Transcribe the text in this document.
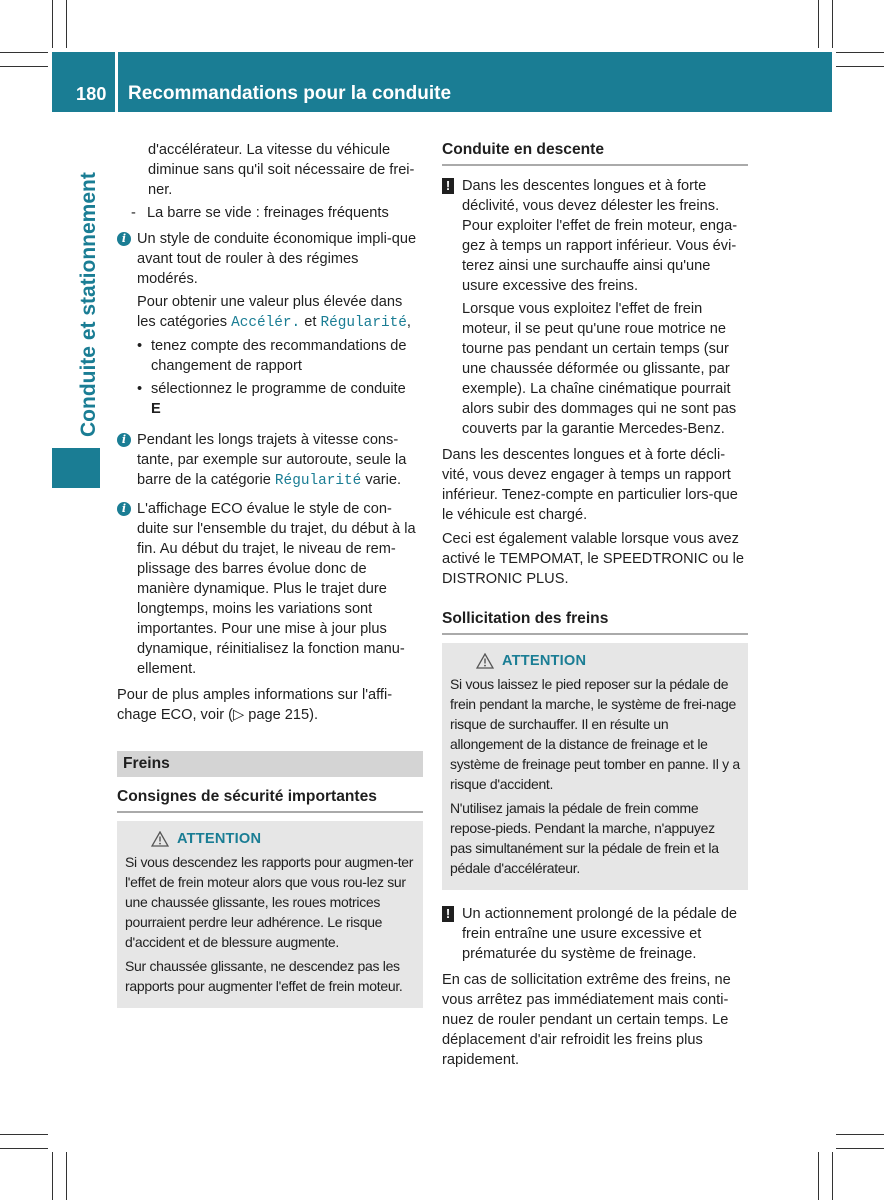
180 Recommandations pour la conduite
Conduite et stationnement

d'accélérateur. La vitesse du véhicule diminue sans qu'il soit nécessaire de frei-ner.

- La barre se vide : freinages fréquents
i Un style de conduite économique impli-que avant tout de rouler à des régimes modérés.

Pour obtenir une valeur plus élevée dans les catégories Accélér. et Régularité,

• tenez compte des recommandations de changement de rapport
• sélectionnez le programme de conduite
E
i Pendant les longs trajets à vitesse cons-tante, par exemple sur autoroute, seule la barre de la catégorie Régularité varie.

i L'affichage ECO évalue le style de con-duite sur l'ensemble du trajet, du début à la fin. Au début du trajet, le niveau de rem-plissage des barres évolue donc de manière dynamique. Plus le trajet dure longtemps, moins les variations sont importantes. Pour une mise à jour plus dynamique, réinitialisez la fonction manu-ellement.

Pour de plus amples informations sur l'affi-chage ECO, voir (▷ page 215).

Freins
Consignes de sécurité importantes
ATTENTION

Si vous descendez les rapports pour augmen-ter l'effet de frein moteur alors que vous rou-lez sur une chaussée glissante, les roues motrices pourraient perdre leur adhérence. Le risque d'accident et de blessure augmente.

Sur chaussée glissante, ne descendez pas les rapports pour augmenter l'effet de frein moteur.

Conduite en descente
! Dans les descentes longues et à forte déclivité, vous devez délester les freins. Pour exploiter l'effet de frein moteur, enga-gez à temps un rapport inférieur. Vous évi-terez ainsi une surchauffe ainsi qu'une usure excessive des freins.

Lorsque vous exploitez l'effet de frein moteur, il se peut qu'une roue motrice ne tourne pas pendant un certain temps (sur une chaussée déformée ou glissante, par exemple). La chaîne cinématique pourrait alors subir des dommages qui ne sont pas couverts par la garantie Mercedes-Benz.

Dans les descentes longues et à forte décli-vité, vous devez engager à temps un rapport inférieur. Tenez-compte en particulier lors-que le véhicule est chargé.

Ceci est également valable lorsque vous avez activé le TEMPOMAT, le SPEEDTRONIC ou le DISTRONIC PLUS.

Sollicitation des freins
ATTENTION

Si vous laissez le pied reposer sur la pédale de frein pendant la marche, le système de frei-nage risque de surchauffer. Il en résulte un allongement de la distance de freinage et le système de freinage peut tomber en panne. Il y a risque d'accident.

N'utilisez jamais la pédale de frein comme repose-pieds. Pendant la marche, n'appuyez pas simultanément sur la pédale de frein et la pédale d'accélérateur.

! Un actionnement prolongé de la pédale de frein entraîne une usure excessive et prématurée du système de freinage.

En cas de sollicitation extrême des freins, ne vous arrêtez pas immédiatement mais conti-nuez de rouler pendant un certain temps. Le déplacement d'air refroidit les freins plus rapidement.
